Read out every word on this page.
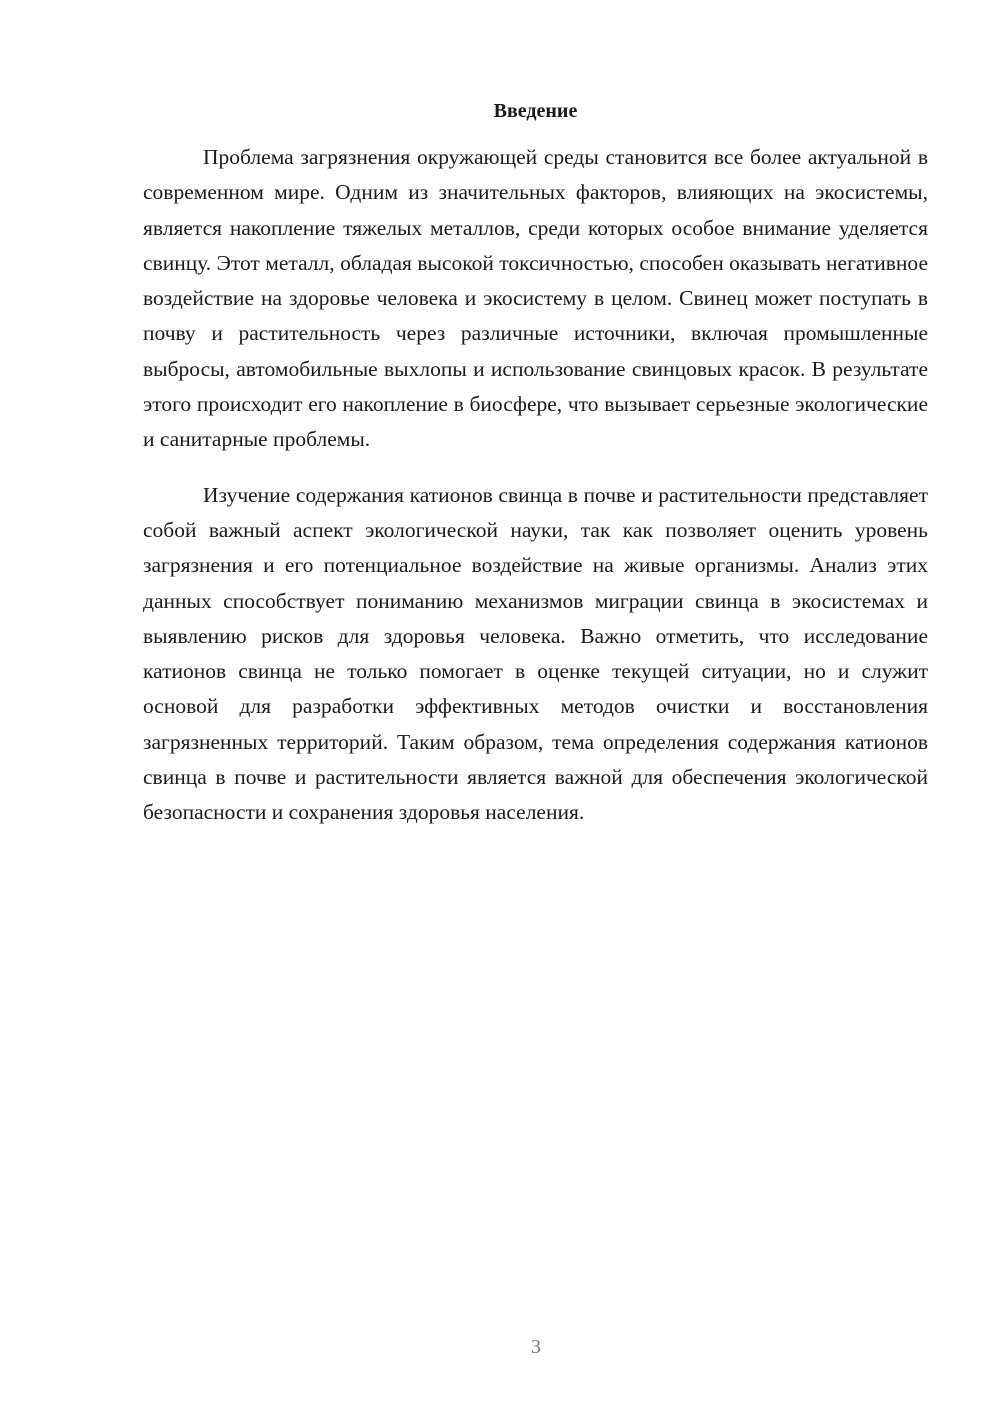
Введение

Проблема загрязнения окружающей среды становится все более актуальной в современном мире. Одним из значительных факторов, влияющих на экосистемы, является накопление тяжелых металлов, среди которых особое внимание уделяется свинцу. Этот металл, обладая высокой токсичностью, способен оказывать негативное воздействие на здоровье человека и экосистему в целом. Свинец может поступать в почву и растительность через различные источники, включая промышленные выбросы, автомобильные выхлопы и использование свинцовых красок. В результате этого происходит его накопление в биосфере, что вызывает серьезные экологические и санитарные проблемы.

Изучение содержания катионов свинца в почве и растительности представляет собой важный аспект экологической науки, так как позволяет оценить уровень загрязнения и его потенциальное воздействие на живые организмы. Анализ этих данных способствует пониманию механизмов миграции свинца в экосистемах и выявлению рисков для здоровья человека. Важно отметить, что исследование катионов свинца не только помогает в оценке текущей ситуации, но и служит основой для разработки эффективных методов очистки и восстановления загрязненных территорий. Таким образом, тема определения содержания катионов свинца в почве и растительности является важной для обеспечения экологической безопасности и сохранения здоровья населения.

3
